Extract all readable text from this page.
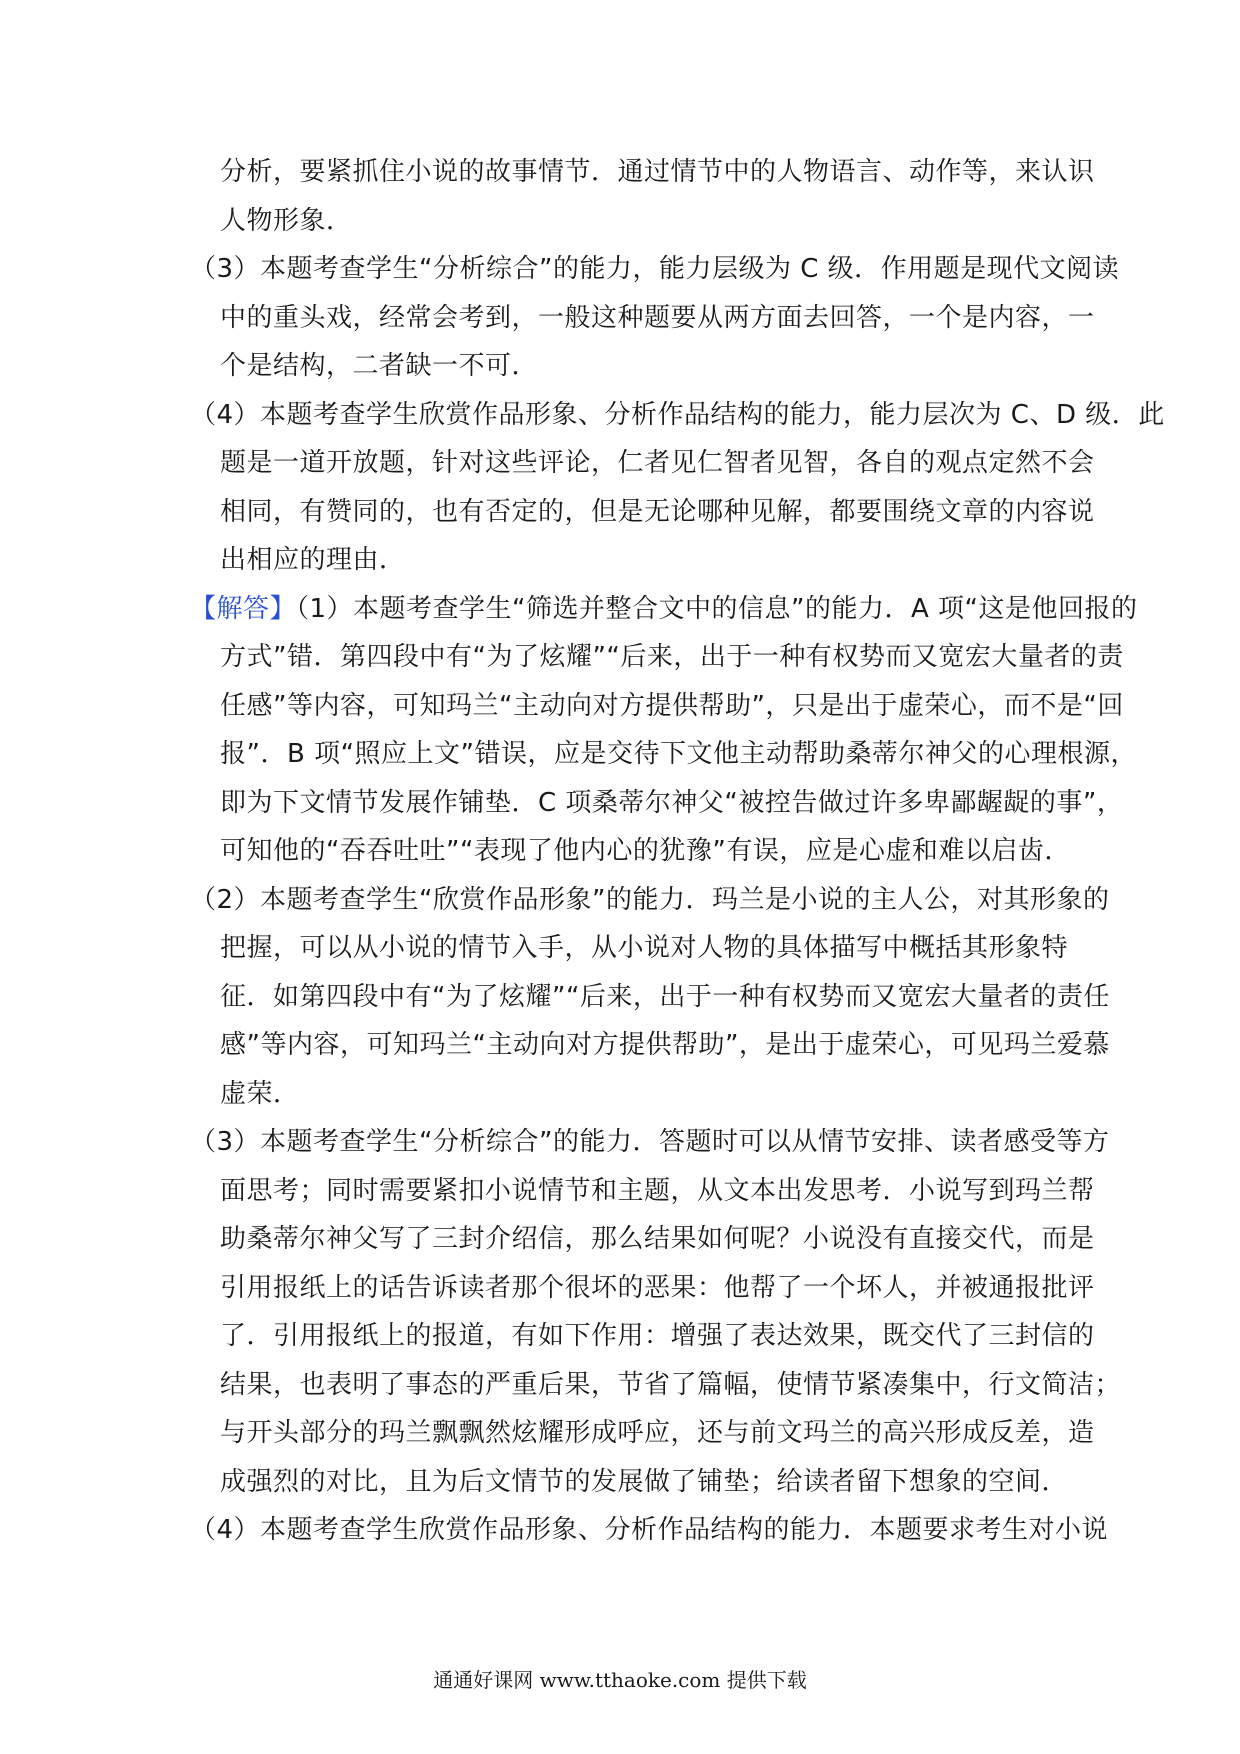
分析，要紧抓住小说的故事情节．通过情节中的人物语言、动作等，来认识
人物形象．
（3）本题考查学生“分析综合”的能力，能力层级为 C 级．作用题是现代文阅读
中的重头戏，经常会考到，一般这种题要从两方面去回答，一个是内容，一
个是结构，二者缺一不可．
（4）本题考查学生欣赏作品形象、分析作品结构的能力，能力层次为 C、D 级．此
题是一道开放题，针对这些评论，仁者见仁智者见智，各自的观点定然不会
相同，有赞同的，也有否定的，但是无论哪种见解，都要围绕文章的内容说
出相应的理由．
【解答】（1）本题考查学生“筛选并整合文中的信息”的能力．A 项“这是他回报的
方式”错．第四段中有“为了炫耀”“后来，出于一种有权势而又宽宏大量者的责
任感”等内容，可知玛兰“主动向对方提供帮助”，只是出于虚荣心，而不是“回
报”．B 项“照应上文”错误，应是交待下文他主动帮助桑蒂尔神父的心理根源，
即为下文情节发展作铺垫．C 项桑蒂尔神父“被控告做过许多卑鄙龌龊的事”，
可知他的“吞吞吐吐”“表现了他内心的犹豫”有误，应是心虚和难以启齿．
（2）本题考查学生“欣赏作品形象”的能力．玛兰是小说的主人公，对其形象的
把握，可以从小说的情节入手，从小说对人物的具体描写中概括其形象特
征．如第四段中有“为了炫耀”“后来，出于一种有权势而又宽宏大量者的责任
感”等内容，可知玛兰“主动向对方提供帮助”，是出于虚荣心，可见玛兰爱慕
虚荣．
（3）本题考查学生“分析综合”的能力．答题时可以从情节安排、读者感受等方
面思考；同时需要紧扣小说情节和主题，从文本出发思考．小说写到玛兰帮
助桑蒂尔神父写了三封介绍信，那么结果如何呢？小说没有直接交代，而是
引用报纸上的话告诉读者那个很坏的恶果：他帮了一个坏人，并被通报批评
了．引用报纸上的报道，有如下作用：增强了表达效果，既交代了三封信的
结果，也表明了事态的严重后果，节省了篇幅，使情节紧凑集中，行文简洁；
与开头部分的玛兰飘飘然炫耀形成呼应，还与前文玛兰的高兴形成反差，造
成强烈的对比，且为后文情节的发展做了铺垫；给读者留下想象的空间．
（4）本题考查学生欣赏作品形象、分析作品结构的能力．本题要求考生对小说
通通好课网 www.tthaoke.com 提供下载
